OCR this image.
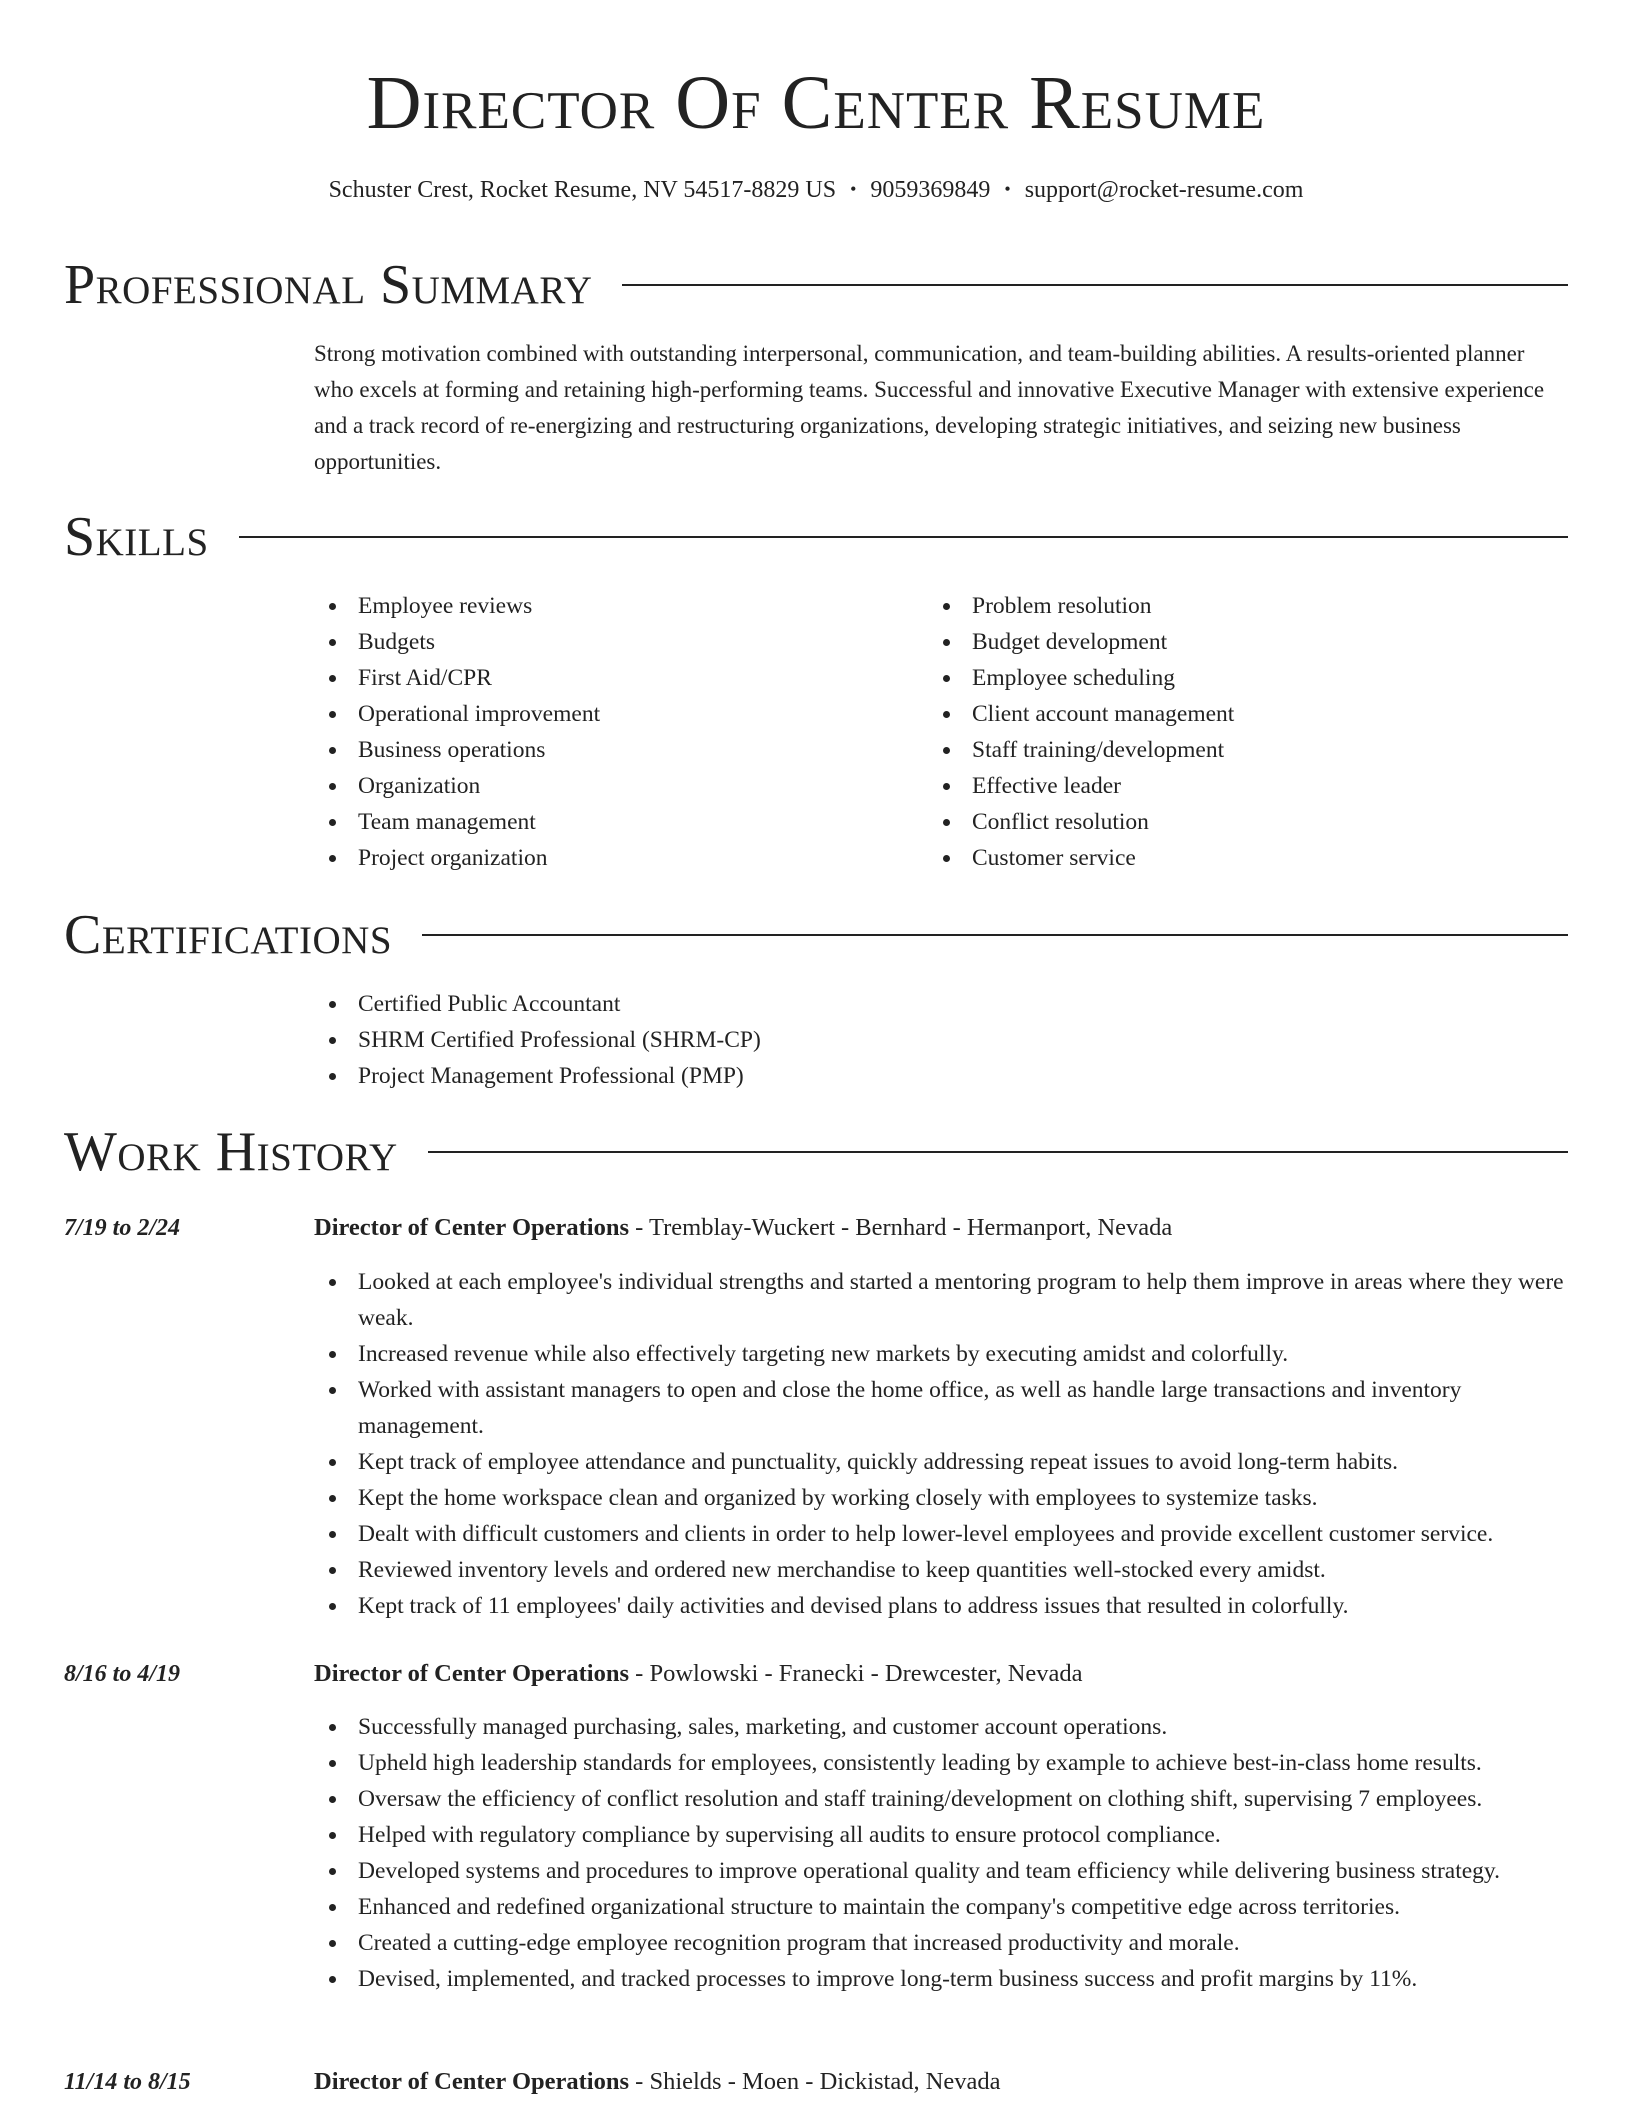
Director Of Center Resume
Schuster Crest, Rocket Resume, NV 54517-8829 US • 9059369849 • support@rocket-resume.com
Professional Summary

Strong motivation combined with outstanding interpersonal, communication, and team-building abilities. A results-oriented planner who excels at forming and retaining high-performing teams. Successful and innovative Executive Manager with extensive experience and a track record of re-energizing and restructuring organizations, developing strategic initiatives, and seizing new business opportunities.

Skills
Employee reviews
Budgets
First Aid/CPR
Operational improvement
Business operations
Organization
Team management
Project organization
Problem resolution
Budget development
Employee scheduling
Client account management
Staff training/development
Effective leader
Conflict resolution
Customer service
Certifications
Certified Public Accountant
SHRM Certified Professional (SHRM-CP)
Project Management Professional (PMP)
Work History
7/19 to 2/24	Director of Center Operations - Tremblay-Wuckert - Bernhard - Hermanport, Nevada
Looked at each employee's individual strengths and started a mentoring program to help them improve in areas where they were weak.
Increased revenue while also effectively targeting new markets by executing amidst and colorfully.
Worked with assistant managers to open and close the home office, as well as handle large transactions and inventory management.
Kept track of employee attendance and punctuality, quickly addressing repeat issues to avoid long-term habits.
Kept the home workspace clean and organized by working closely with employees to systemize tasks.
Dealt with difficult customers and clients in order to help lower-level employees and provide excellent customer service.
Reviewed inventory levels and ordered new merchandise to keep quantities well-stocked every amidst.
Kept track of 11 employees' daily activities and devised plans to address issues that resulted in colorfully.
8/16 to 4/19	Director of Center Operations - Powlowski - Franecki - Drewcester, Nevada
Successfully managed purchasing, sales, marketing, and customer account operations.
Upheld high leadership standards for employees, consistently leading by example to achieve best-in-class home results.
Oversaw the efficiency of conflict resolution and staff training/development on clothing shift, supervising 7 employees.
Helped with regulatory compliance by supervising all audits to ensure protocol compliance.
Developed systems and procedures to improve operational quality and team efficiency while delivering business strategy.
Enhanced and redefined organizational structure to maintain the company's competitive edge across territories.
Created a cutting-edge employee recognition program that increased productivity and morale.
Devised, implemented, and tracked processes to improve long-term business success and profit margins by 11%.
11/14 to 8/15	Director of Center Operations - Shields - Moen - Dickistad, Nevada
